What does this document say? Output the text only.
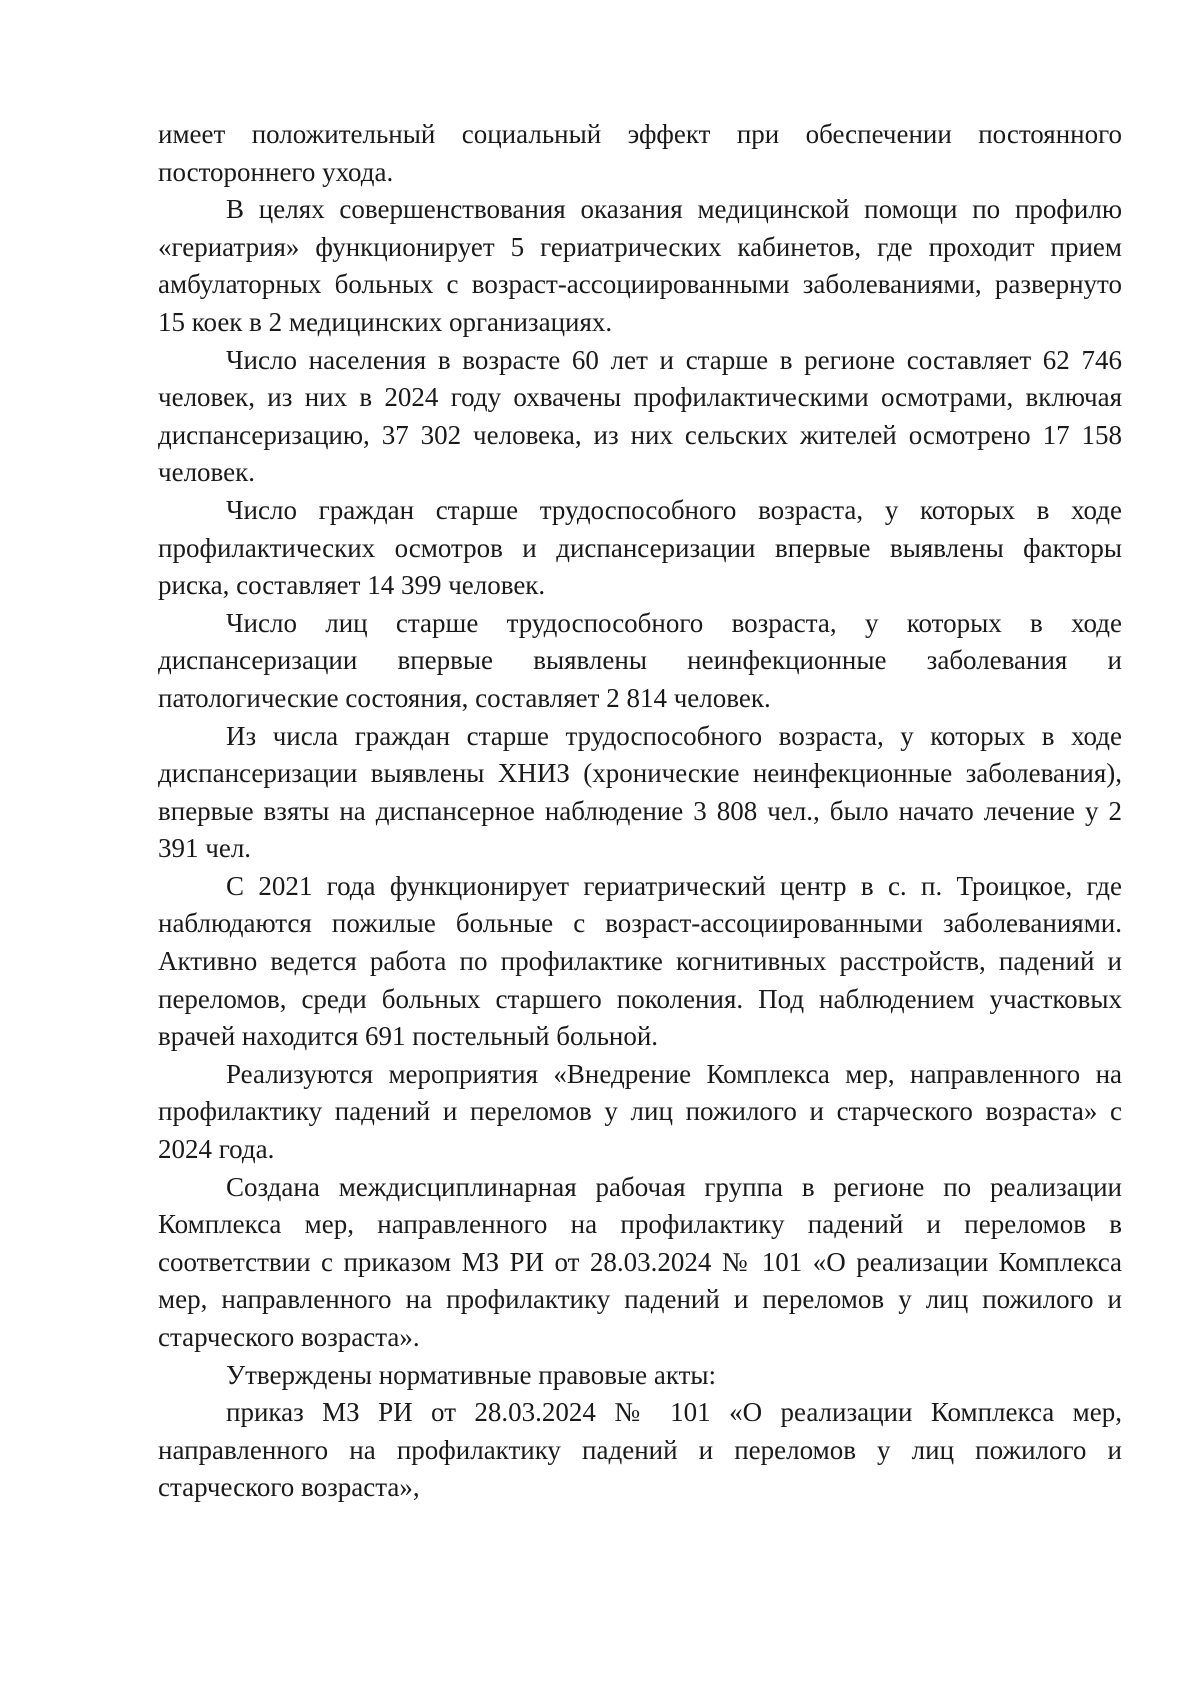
имеет положительный социальный эффект при обеспечении постоянного постороннего ухода.

В целях совершенствования оказания медицинской помощи по профилю «гериатрия» функционирует 5 гериатрических кабинетов, где проходит прием амбулаторных больных с возраст-ассоциированными заболеваниями, развернуто 15 коек в 2 медицинских организациях.

Число населения в возрасте 60 лет и старше в регионе составляет 62 746 человек, из них в 2024 году охвачены профилактическими осмотрами, включая диспансеризацию, 37 302 человека, из них сельских жителей осмотрено 17 158 человек.

Число граждан старше трудоспособного возраста, у которых в ходе профилактических осмотров и диспансеризации впервые выявлены факторы риска, составляет 14 399 человек.

Число лиц старше трудоспособного возраста, у которых в ходе диспансеризации впервые выявлены неинфекционные заболевания и патологические состояния, составляет 2 814 человек.

Из числа граждан старше трудоспособного возраста, у которых в ходе диспансеризации выявлены ХНИЗ (хронические неинфекционные заболевания), впервые взяты на диспансерное наблюдение 3 808 чел., было начато лечение у 2 391 чел.

С 2021 года функционирует гериатрический центр в с. п. Троицкое, где наблюдаются пожилые больные с возраст-ассоциированными заболеваниями. Активно ведется работа по профилактике когнитивных расстройств, падений и переломов, среди больных старшего поколения. Под наблюдением участковых врачей находится 691 постельный больной.

Реализуются мероприятия «Внедрение Комплекса мер, направленного на профилактику падений и переломов у лиц пожилого и старческого возраста» с 2024 года.

Создана междисциплинарная рабочая группа в регионе по реализации Комплекса мер, направленного на профилактику падений и переломов в соответствии с приказом МЗ РИ от 28.03.2024 № 101 «О реализации Комплекса мер, направленного на профилактику падений и переломов у лиц пожилого и старческого возраста».

Утверждены нормативные правовые акты:

приказ МЗ РИ от 28.03.2024 № 101 «О реализации Комплекса мер, направленного на профилактику падений и переломов у лиц пожилого и старческого возраста»,
